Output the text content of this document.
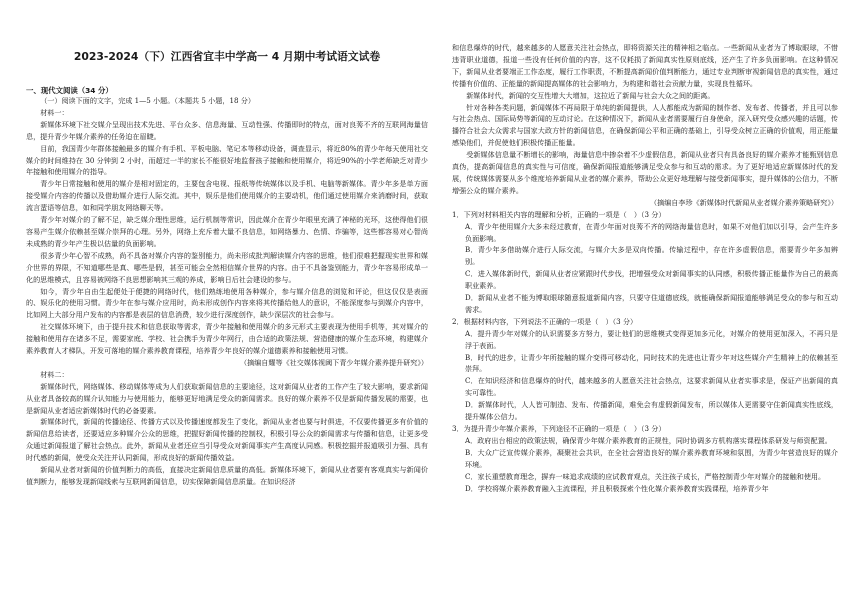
2023-2024（下）江西省宜丰中学高一 4 月期中考试语文试卷
一、现代文阅读（34 分）

（一）阅读下面的文字，完成 1—5 小题。（本题共 5 小题，18 分）

材料一：

新媒体环境下社交媒介呈现出技术先进、平台众多、信息海量、互动性强、传播即时的特点，面对良莠不齐的互联网海量信息，提升青少年媒介素养的任务迫在眉睫。

目前，我国青少年群体接触最多的媒介有手机、平板电脑、笔记本等移动设备，调查显示，将近80%的青少年每天使用社交媒介的时间维持在 30 分钟到 2 小时，而超过一半的家长不能很好地监督孩子接触和使用媒介，将近90%的小学老师缺乏对青少年接触和使用媒介的指导。

青少年日常接触和使用的媒介是相对固定的，主要包含电视、报纸等传统媒体以及手机、电脑等新媒体。青少年多是单方面接受媒介内容的传播以及借助媒介进行人际交流。其中，娱乐是他们使用媒介的主要动机，他们通过使用媒介来消磨时间，获取流言蜚语等信息，如和同学朋友网络聊天等。

青少年对媒介的了解不足，缺乏媒介理性思维，运行机制等常识，因此媒介在青少年眼里充满了神秘的光环，这使得他们很容易产生媒介依赖甚至媒介崇拜的心理。另外，网络上充斥着大量不良信息，如网络暴力、色情、诈骗等，这些都容易对心智尚未成熟的青少年产生极以估量的负面影响。

很多青少年心智不成熟，尚不具备对媒介内容的鉴别能力，尚未形成批判解读媒介内容的思维，他们很难把握现实世界和媒介世界的界限，不知道哪些是真、哪些是假，甚至可能会全然相信媒介世界的内容。由于不具备鉴别能力，青少年容易形成单一化的思维模式，且容易被网络不良思想影响其三观的养成，影响日后社会建设的参与。

如今，青少年自由生起便处于便捷的网络时代，他们熟练地使用各种媒介，参与媒介信息的浏览和评论，但这仅仅是表面的、娱乐化的使用习惯。青少年在参与媒介应用时，尚未形成创作内容来将其传播给他人的意识，不能深度参与到媒介内容中，比如网上大部分用户发布的内容都是表层的信息消费，较少进行深度创作，缺少深层次的社会参与。

社交媒体环境下，由于提升技术和信息获取等需求，青少年接触和使用媒介的多元形式主要表现为使用手机等，其对媒介的接触和使用存在诸多不足，需要家庭、学校、社会携手为青少年网行，由合适的政策法规、营造健康的媒介生态环境，构建媒介素养教育人才梯队，开发可落地的媒介素养教育课程，培养青少年良好的媒介道德素养和接触使用习惯。

（摘编自耀等《社交媒体视阈下青少年媒介素养提升研究》）

材料二：

新媒体时代，网络媒体、移动媒体等成为人们获取新闻信息的主要途径，这对新闻从业者的工作产生了较大影响，要求新闻从业者具备较高的媒介认知能力与使用能力，能够更好地满足受众的新闻需求。良好的媒介素养不仅是新闻传播发展的需要，也是新闻从业者适应新媒体时代的必备要素。

新媒体时代，新闻的传播途径、传播方式以及传播速度都发生了变化，新闻从业者也要与时俱进，不仅要传播更多有价值的新闻信息给读者，还要适应多种媒介公众的思维，把握好新闻传播的控制权，积极引导公众的新闻需求与传播和信息，让更多受众通过新闻报道了解社会热点。此外，新闻从业者还应当引导受众对新闻事实产生高度认同感。积极挖掘并报道吸引力强、具有时代感的新闻，使受众关注并认同新闻，形成良好的新闻传播效益。

新闻从业者对新闻的价值判断力的高低，直接决定新闻信息质量的高低。新媒体环境下，新闻从业者要有客观真实与新闻价值判断力，能够发现新闻线索与互联网新闻信息，切实保障新闻信息质量。在如识经济

和信息爆炸的时代，越来越多的人愿意关注社会热点，即将资源关注的精神相之临点。一些新闻从业者为了博取眼球，不惜违背职业道德，报道一些没有任何价值的内容，这不仅耗损了新闻真实性原则底线，还产生了许多负面影响。在这种情况下，新闻从业者要端正工作态度，履行工作职责，不断提高新闻价值判断能力，通过专业判断审视新闻信息的真实性，通过传播有价值的、正能量的新闻提高媒体的社会影响力，为构建和谐社会贡献力量，实现良性循环。

新媒体时代，新闻的交互性增大大增加，这拉近了新闻与社会大众之间的距离。

针对各种各类问题，新闻媒体不再局限于单纯的新闻提供，人人都能成为新闻的制作者、发布者、传播者，并且可以参与社会热点、国际局势等新闻的互动讨论。在这种情况下，新闻从业者需要履行自身使命，深入研究受众感兴趣的话题，传播符合社会大众需求与国家大政方针的新闻信息，在确保新闻公平和正确的基础上，引导受众树立正确的价值观，用正能量感染他们，并促使他们积极传播正能量。

受新媒体信息量不断增长的影响，海量信息中掺杂着不少虚假信息，新闻从业者只有具备良好的媒介素养才能甄别信息真伪，提高新闻信息的真实性与可信度，确保新闻报道能够满足受众参与和互动的需求。为了更好地适应新媒体时代的发展，传统媒体需要从多个维度培养新闻从业者的媒介素养，帮助公众更好地理解与接受新闻事实，提升媒体的公信力，不断增强公众的媒介素养。

（摘编自李珍《新媒体时代新闻从业者媒介素养策略研究》）

1．下列对材料相关内容的理解和分析，正确的一项是（　）（3 分）

A．青少年使用媒介大多未经过教育，在青少年面对良莠不齐的网络海量信息时，如果不对他们加以引导，会产生许多负面影响。

B．青少年多借助媒介进行人际交流，与媒介大多是双向传播。传输过程中，存在许多虚假信息，需要青少年多加辨别。

C．进入媒体新时代，新闻从业者应紧跟时代步伐，把增强受众对新闻事实的认同感，积极传播正能量作为自己的最高职业素养。

D．新闻从业者不能为博取眼球随意报道新闻内容，只要守住道德底线，就能确保新闻报道能够满足受众的参与和互动需求。

2．根据材料内容，下列说法不正确的一项是（　）（3 分）

A．提升青少年对媒介的认识需要多方努力，要让他们的思维模式变得更加多元化，对媒介的使用更加深入，不再只是浮于表面。

B．时代的进步，让青少年所接触的媒介变得可移动化，同时技术的先进也让青少年对这些媒介产生精神上的依赖甚至崇拜。

C．在知识经济和信息爆炸的时代，越来越多的人愿意关注社会热点，这要求新闻从业者实事求是，保证产出新闻的真实可靠性。

D．新媒体时代，人人皆可制造、发布、传播新闻，难免会有虚假新闻发布，所以媒体人更需要守住新闻真实性底线，提升媒体公信力。

3．为提升青少年媒介素养，下列途径不正确的一项是（　）（3 分）

A．政府出台相应的政策法规，确保青少年媒介素养教育的正规性，同时协调多方机构落实课程体系研发与师资配置。

B．大众广泛宣传媒介素养，凝聚社会共识，在全社会营造良好的媒介素养教育环境和氛围，为青少年营造良好的媒介环境。

C．家长重塑教育理念，摒弃一味追求成绩的应试教育观点，关注孩子成长，严格控制青少年对媒介的接触和使用。

D．学校将媒介素养教育融入主流课程，并且积极探索个性化媒介素养教育实践课程，培养青少年
